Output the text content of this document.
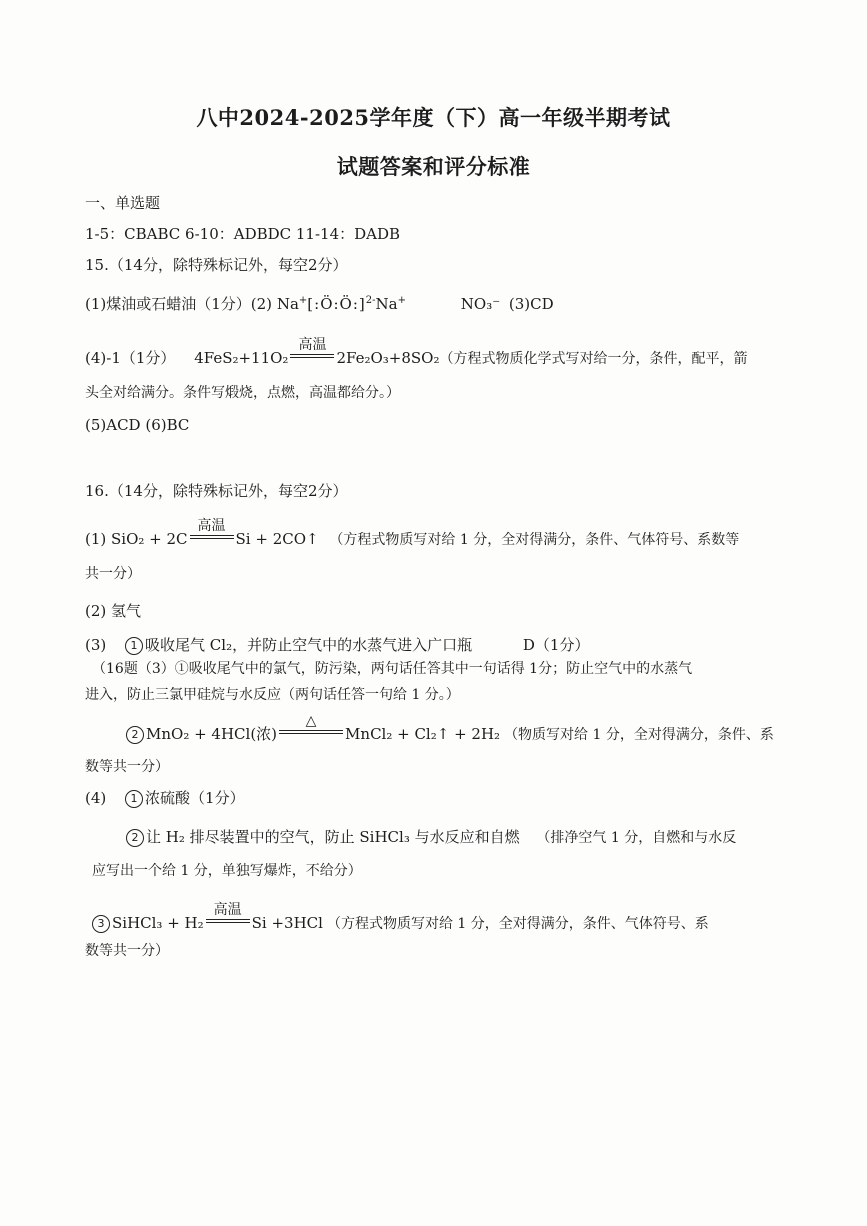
八中2024-2025学年度（下）高一年级半期考试
试题答案和评分标准
一、单选题
1-5：CBABC 6-10：ADBDC 11-14：DADB
15.（14分，除特殊标记外，每空2分）
(1)煤油或石蜡油（1分）(2) Na+[:Ö:Ö:]$^{2-}$Na+	NO₃⁻ (3)CD
(4)-1（1分） 4FeS₂+11O₂
高温
2Fe₂O₃+8SO₂（方程式物质化学式写对给一分，条件，配平，箭
头全对给满分。条件写煅烧，点燃，高温都给分。）
(5)ACD (6)BC
16.（14分，除特殊标记外，每空2分）
(1) SiO₂ + 2C
高温
Si + 2CO↑ （方程式物质写对给 1 分，全对得满分，条件、气体符号、系数等
共一分）
(2) 氢气
(3) 1 吸收尾气 Cl₂，并防止空气中的水蒸气进入广口瓶	D（1分）
（16题（3）①吸收尾气中的氯气，防污染，两句话任答其中一句话得 1分；防止空气中的水蒸气
进入，防止三氯甲硅烷与水反应（两句话任答一句给 1 分。）
2 MnO₂ + 4HCl(浓)
△
MnCl₂ + Cl₂↑ + 2H₂ （物质写对给 1 分，全对得满分，条件、系
数等共一分）
(4) 1 浓硫酸（1分）
2 让 H₂ 排尽装置中的空气，防止 SiHCl₃ 与水反应和自燃 （排净空气 1 分，自燃和与水反
应写出一个给 1 分，单独写爆炸，不给分）
3 SiHCl₃ + H₂
高温
Si +3HCl （方程式物质写对给 1 分，全对得满分，条件、气体符号、系
数等共一分）
